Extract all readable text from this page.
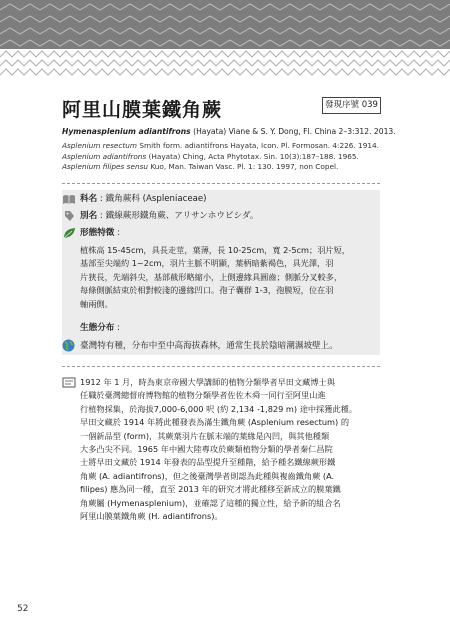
阿里山膜葉鐵角蕨	發現序號 039
Hymenasplenium adiantifrons (Hayata) Viane & S. Y. Dong, Fl. China 2–3:312. 2013.
Asplenium resectum Smith form. adiantifrons Hayata, Icon. Pl. Formosan. 4:226. 1914.
Asplenium adiantifrons (Hayata) Ching, Acta Phytotax. Sin. 10(3):187–188. 1965.
Asplenium filipes sensu Kuo, Man. Taiwan Vasc. Pl. 1: 130. 1997, non Copel.
科名 : 鐵角蕨科 (Aspleniaceae)
別名 : 鐵線蕨形鐵角蕨、アリサンホウビシダ。
形態特徵 :
植株高 15-45cm，具長走莖，葉薄，長 10-25cm，寬 2-5cm；羽片短，
基部至尖端約 1~2cm，羽片主脈不明顯，葉柄暗紫褐色，具光澤，羽
片狹長，先端斜尖，基部截形略縮小，上側邊緣具圓齒；側脈分叉較多，
每條側脈結束於相對較淺的邊緣凹口。孢子囊群 1-3，孢膜短，位在羽
軸兩側。
生態分布 :
臺灣特有種，分布中至中高海拔森林，通常生長於陰暗潮濕坡壁上。
1912 年 1 月，時為東京帝國大學講師的植物分類學者早田文藏博士與
任職於臺灣總督府博物館的植物分類學者佐佐木舜一同行至阿里山進
行植物採集，於海拔7,000-6,000 呎 (約 2,134 -1,829 m) 途中採獲此種。
早田文藏於 1914 年將此種發表為滿生鐵角蕨 (Asplenium resectum) 的
一個新品型 (form)，其蕨葉羽片在脈末端的葉緣是內凹，與其他種類
大多凸尖不同。1965 年中國大陸專攻於蕨類植物分類的學者秦仁昌院
士將早田文藏於 1914 年發表的品型提升至種階，給予種名鐵線蕨形鐵
角蕨 (A. adiantifrons)，但之後臺灣學者則認為此種與複齒鐵角蕨 (A.
filipes) 應為同一種，直至 2013 年的研究才將此種移至新成立的膜葉鐵
角蕨屬 (Hymenasplenium)，並確認了這種的獨立性，給予新的組合名
阿里山膜葉鐵角蕨 (H. adiantifrons)。
52
